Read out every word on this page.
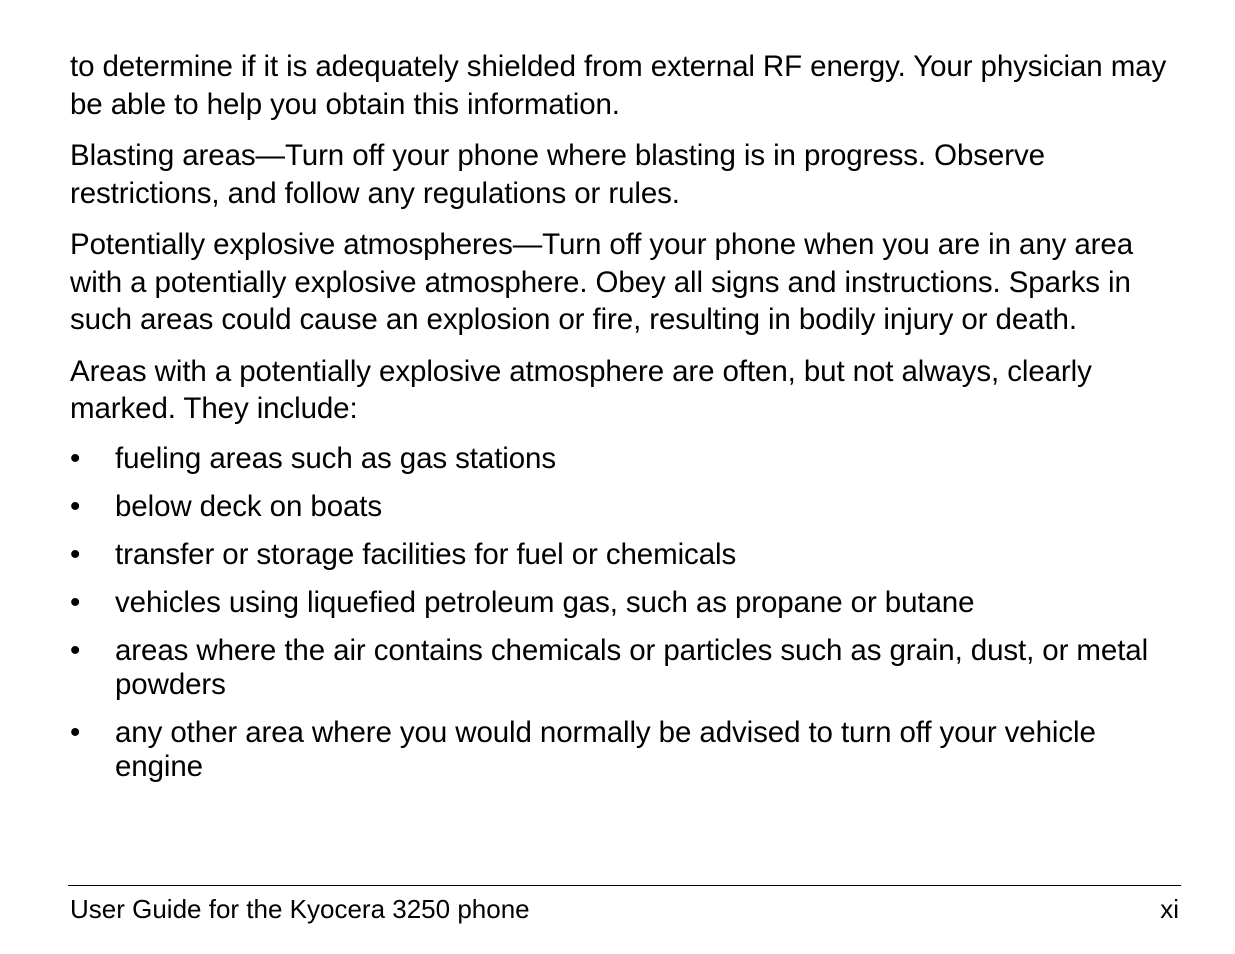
to determine if it is adequately shielded from external RF energy. Your physician may be able to help you obtain this information.

Blasting areas—Turn off your phone where blasting is in progress. Observe restrictions, and follow any regulations or rules.

Potentially explosive atmospheres—Turn off your phone when you are in any area with a potentially explosive atmosphere. Obey all signs and instructions. Sparks in such areas could cause an explosion or fire, resulting in bodily injury or death.

Areas with a potentially explosive atmosphere are often, but not always, clearly marked. They include:

•	fueling areas such as gas stations
•	below deck on boats
•	transfer or storage facilities for fuel or chemicals
•	vehicles using liquefied petroleum gas, such as propane or butane
•	areas where the air contains chemicals or particles such as grain, dust, or metal powders
•	any other area where you would normally be advised to turn off your vehicle engine
User Guide for the Kyocera 3250 phone	xi
